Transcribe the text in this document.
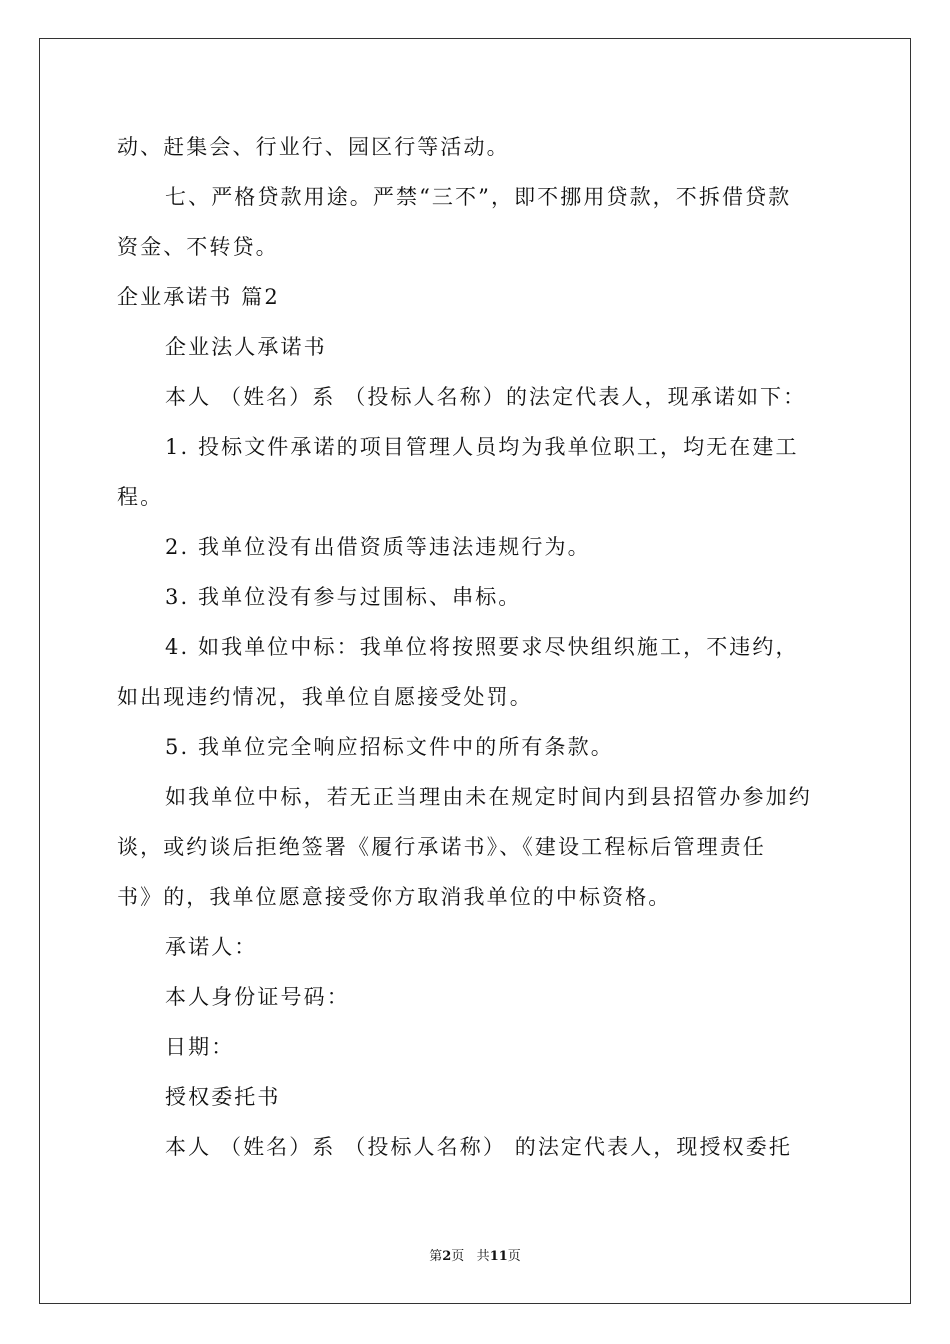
动、赶集会、行业行、园区行等活动。
七、严格贷款用途。严禁“三不”，即不挪用贷款，不拆借贷款
资金、不转贷。
企业承诺书 篇2
企业法人承诺书
本人 （姓名）系 （投标人名称）的法定代表人，现承诺如下：
1. 投标文件承诺的项目管理人员均为我单位职工，均无在建工
程。
2. 我单位没有出借资质等违法违规行为。
3. 我单位没有参与过围标、串标。
4. 如我单位中标：我单位将按照要求尽快组织施工，不违约，
如出现违约情况，我单位自愿接受处罚。
5. 我单位完全响应招标文件中的所有条款。
如我单位中标，若无正当理由未在规定时间内到县招管办参加约
谈，或约谈后拒绝签署《履行承诺书》、《建设工程标后管理责任
书》的，我单位愿意接受你方取消我单位的中标资格。
承诺人：
本人身份证号码：
日期：
授权委托书
本人 （姓名）系 （投标人名称） 的法定代表人，现授权委托
第2页 共11页
